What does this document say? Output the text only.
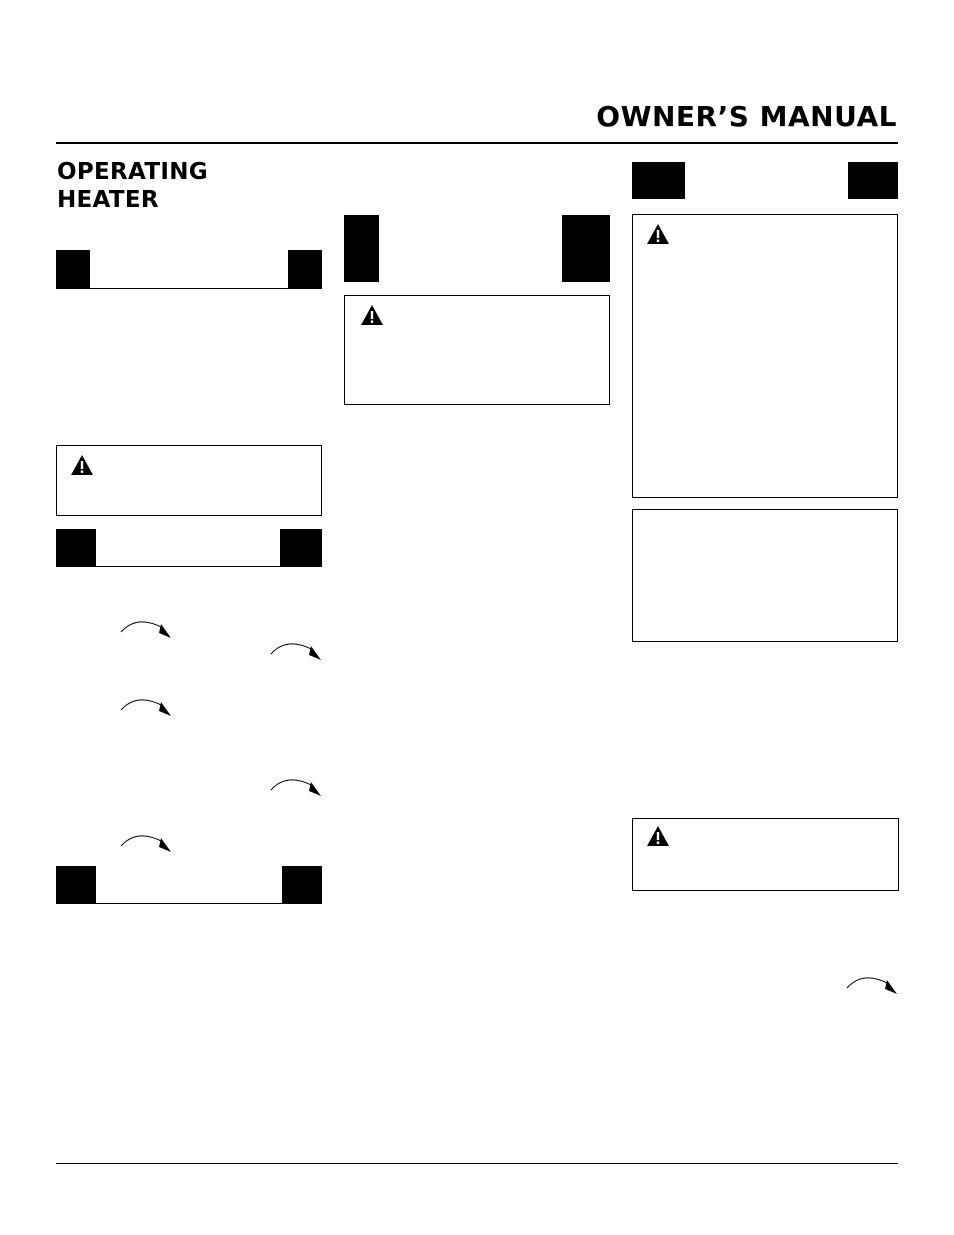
OWNER’S MANUAL
OPERATING
HEATER
